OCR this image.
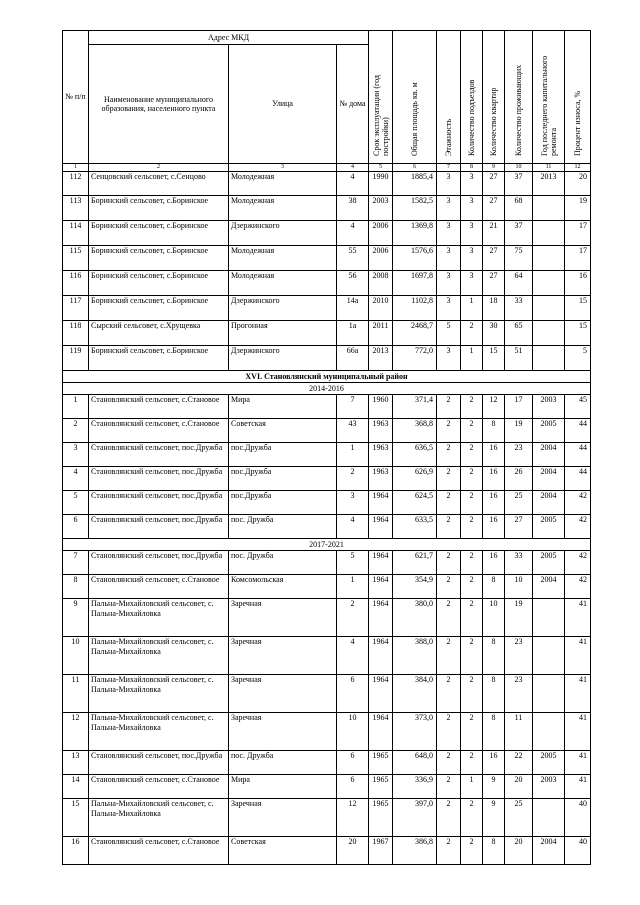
№ п/п	Адрес МКД			Срок эксплуатации (год постройки)	Общая площадь кв. м	Этажность	Количество подъездов	Количество квартир	Количество проживающих	Год последнего капитального ремонта	Процент износа, %

	Наименование муниципального образования, населенного пункта	Улица	№ дома								
1	2	3	4	5	6	7	8	9	10	11	12
112	Сенцовский сельсовет, с.Сенцово	Молодежная	4	1990	1885,4	3	3	27	37	2013	20
113	Боринский сельсовет, с.Боринское	Молодежная	38	2003	1582,5	3	3	27	68		19
114	Боринский сельсовет, с.Боринское	Дзержинского	4	2006	1369,8	3	3	21	37		17
115	Боринский сельсовет, с.Боринское	Молодежная	55	2006	1576,6	3	3	27	75		17
116	Боринский сельсовет, с.Боринское	Молодежная	56	2008	1697,8	3	3	27	64		16
117	Боринский сельсовет, с.Боринское	Дзержинского	14а	2010	1102,8	3	1	18	33		15
118	Сырский сельсовет, с.Хрущевка	Прогонная	1а	2011	2468,7	5	2	30	65		15
119	Боринский сельсовет, с.Боринское	Дзержинского	66а	2013	772,0	3	1	15	51		5
XVI. Становлянский муниципальный район											
2014-2016											
1	Становлянский сельсовет, с.Становое	Мира	7	1960	371,4	2	2	12	17	2003	45
2	Становлянский сельсовет, с.Становое	Советская	43	1963	368,8	2	2	8	19	2005	44
3	Становлянский сельсовет, пос.Дружба	пос.Дружба	1	1963	636,5	2	2	16	23	2004	44
4	Становлянский сельсовет, пос.Дружба	пос.Дружба	2	1963	626,9	2	2	16	26	2004	44
5	Становлянский сельсовет, пос.Дружба	пос.Дружба	3	1964	624,5	2	2	16	25	2004	42
6	Становлянский сельсовет, пос.Дружба	пос. Дружба	4	1964	633,5	2	2	16	27	2005	42
2017-2021											
7	Становлянский сельсовет, пос.Дружба	пос. Дружба	5	1964	621,7	2	2	16	33	2005	42
8	Становлянский сельсовет, с.Становое	Комсомольская	1	1964	354,9	2	2	8	10	2004	42
9	Пальна-Михайловский сельсовет, с. Пальна-Михайловка	Заречная	2	1964	380,0	2	2	10	19		41
10	Пальна-Михайловский сельсовет, с. Пальна-Михайловка	Заречная	4	1964	388,0	2	2	8	23		41
11	Пальна-Михайловский сельсовет, с. Пальна-Михайловка	Заречная	6	1964	384,0	2	2	8	23		41
12	Пальна-Михайловский сельсовет, с. Пальна-Михайловка	Заречная	10	1964	373,0	2	2	8	11		41
13	Становлянский сельсовет, пос.Дружба	пос. Дружба	6	1965	648,0	2	2	16	22	2005	41
14	Становлянский сельсовет, с.Становое	Мира	6	1965	336,9	2	1	9	20	2003	41
15	Пальна-Михайловский сельсовет, с. Пальна-Михайловка	Заречная	12	1965	397,0	2	2	9	25		40
16	Становлянский сельсовет, с.Становое	Советская	20	1967	386,8	2	2	8	20	2004	40
